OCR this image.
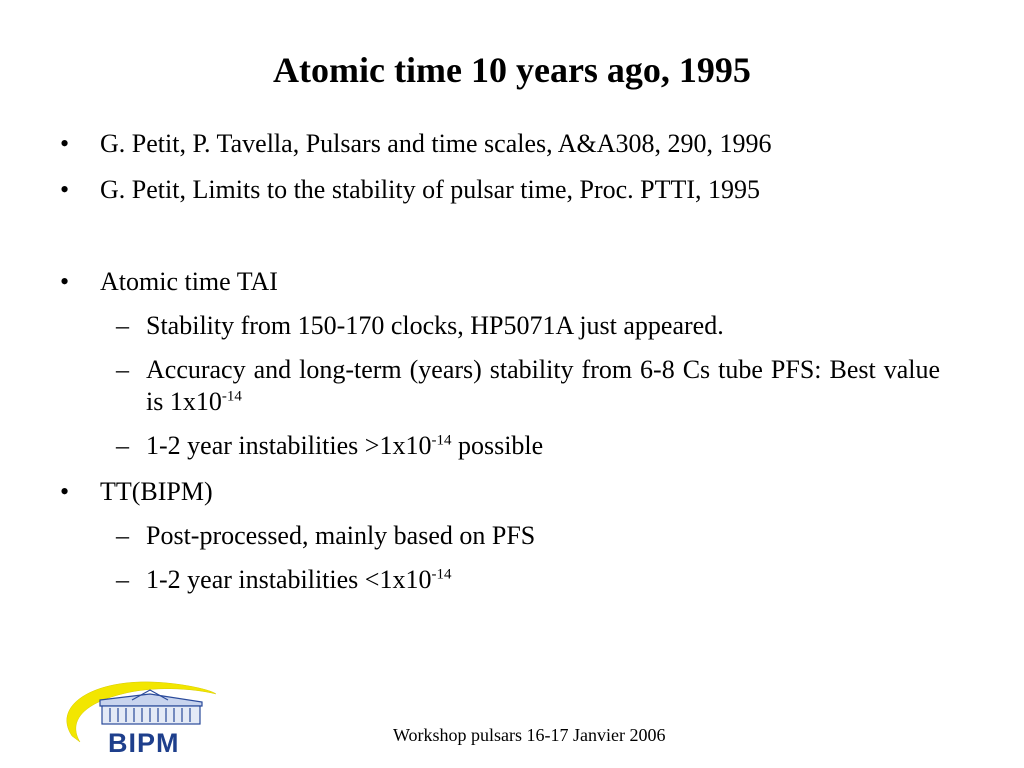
Atomic time 10 years ago, 1995
•	G. Petit, P. Tavella, Pulsars and time scales, A&A308, 290, 1996
•	G. Petit, Limits to the stability of pulsar time, Proc. PTTI, 1995
•	Atomic time TAI
– Stability from 150-170 clocks, HP5071A just appeared.
– Accuracy and long-term (years) stability from 6-8 Cs tube PFS: Best value is $1x10^{-14}$
– 1-2 year instabilities $>1x10^{-14}$ possible
•	TT(BIPM)
– Post-processed, mainly based on PFS
– 1-2 year instabilities $<1x10^{-14}$
BIPM	Workshop pulsars 16-17 Janvier 2006
